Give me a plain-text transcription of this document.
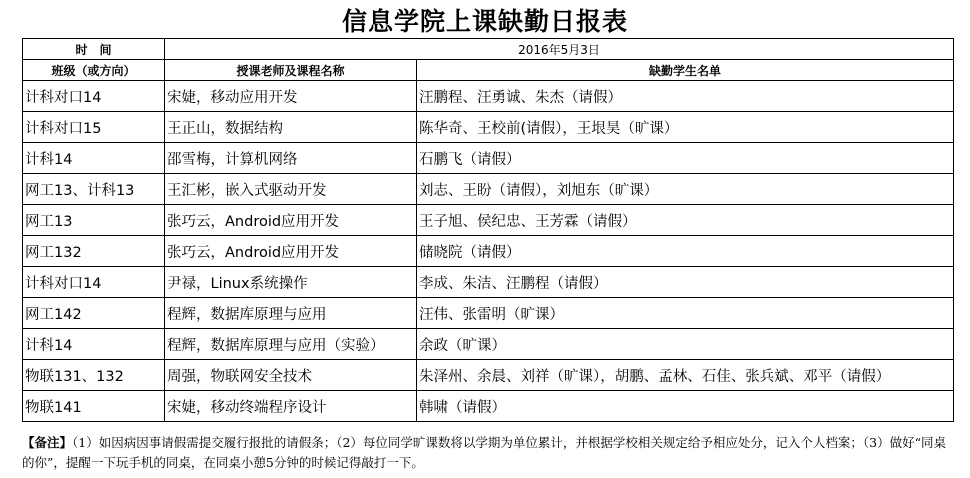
信息学院上课缺勤日报表
时　间	2016年5月3日	
班级（或方向）	授课老师及课程名称	缺勤学生名单
计科对口14	宋婕，移动应用开发	汪鹏程、汪勇诚、朱杰（请假）
计科对口15	王正山，数据结构	陈华奇、王校前(请假），王垠昊（旷课）
计科14	邵雪梅，计算机网络	石鹏飞（请假）
网工13、计科13	王汇彬，嵌入式驱动开发	刘志、王盼（请假），刘旭东（旷课）
网工13	张巧云，Android应用开发	王子旭、侯纪忠、王芳霖（请假）
网工132	张巧云，Android应用开发	储晓院（请假）
计科对口14	尹禄，Linux系统操作	李成、朱洁、汪鹏程（请假）
网工142	程辉，数据库原理与应用	汪伟、张雷明（旷课）
计科14	程辉，数据库原理与应用（实验）	余政（旷课）
物联131、132	周强，物联网安全技术	朱泽州、余晨、刘祥（旷课），胡鹏、孟林、石佳、张兵斌、邓平（请假）
物联141	宋婕，移动终端程序设计	韩啸（请假）
【备注】（1）如因病因事请假需提交履行报批的请假条；（2）每位同学旷课数将以学期为单位累计，并根据学校相关规定给予相应处分，记入个人档案；（3）做好“同桌的你”，提醒一下玩手机的同桌，在同桌小憩5分钟的时候记得敲打一下。
